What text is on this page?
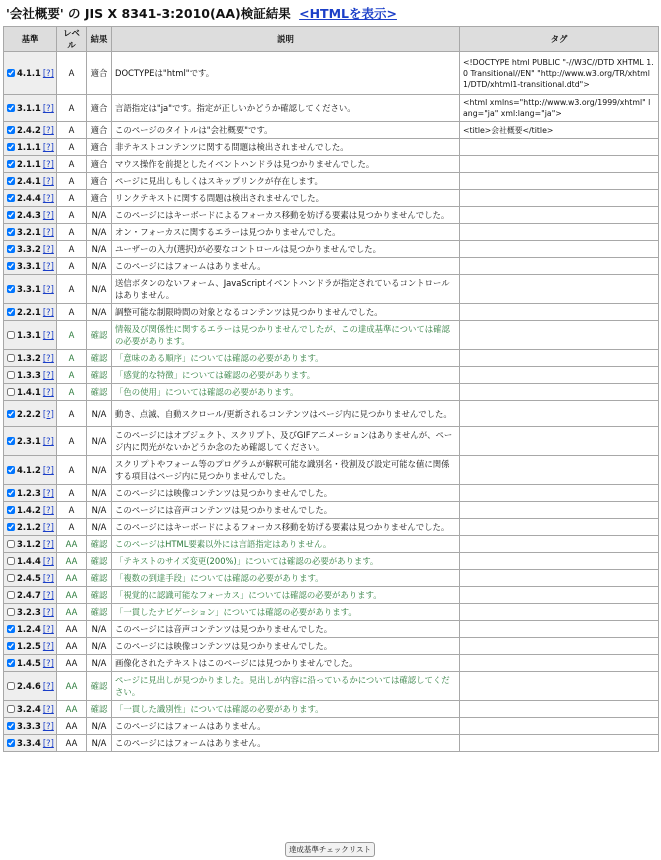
'会社概要' の JIS X 8341-3:2010(AA)検証結果 <HTMLを表示>
基準	レベル	結果	説明	タグ
4.1.1 [?]	A	適合	DOCTYPEは"html"です。	<!DOCTYPE html PUBLIC "-//W3C//DTD XHTML 1.0 Transitional//EN" "http://www.w3.org/TR/xhtml1/DTD/xhtml1-transitional.dtd">
3.1.1 [?]	A	適合	言語指定は"ja"です。指定が正しいかどうか確認してください。	<html xmlns="http://www.w3.org/1999/xhtml" lang="ja" xml:lang="ja">
2.4.2 [?]	A	適合	このページのタイトルは"会社概要"です。	<title>会社概要</title>
1.1.1 [?]	A	適合	非テキストコンテンツに関する問題は検出されませんでした。	
2.1.1 [?]	A	適合	マウス操作を前提としたイベントハンドラは見つかりませんでした。	
2.4.1 [?]	A	適合	ページに見出しもしくはスキップリンクが存在します。	
2.4.4 [?]	A	適合	リンクテキストに関する問題は検出されませんでした。	
2.4.3 [?]	A	N/A	このページにはキーボードによるフォーカス移動を妨げる要素は見つかりませんでした。	
3.2.1 [?]	A	N/A	オン・フォーカスに関するエラーは見つかりませんでした。	
3.3.2 [?]	A	N/A	ユーザーの入力(選択)が必要なコントロールは見つかりませんでした。	
3.3.1 [?]	A	N/A	このページにはフォームはありません。	
3.3.1 [?]	A	N/A	送信ボタンのないフォーム、JavaScriptイベントハンドラが指定されているコントロールはありません。	
2.2.1 [?]	A	N/A	調整可能な制限時間の対象となるコンテンツは見つかりませんでした。	
1.3.1 [?]	A	確認	情報及び関係性に関するエラーは見つかりませんでしたが、この達成基準については確認の必要があります。	
1.3.2 [?]	A	確認	「意味のある順序」については確認の必要があります。	
1.3.3 [?]	A	確認	「感覚的な特徴」については確認の必要があります。	
1.4.1 [?]	A	確認	「色の使用」については確認の必要があります。	
2.2.2 [?]	A	N/A	動き、点滅、自動スクロール/更新されるコンテンツはページ内に見つかりませんでした。	
2.3.1 [?]	A	N/A	このページにはオブジェクト、スクリプト、及びGIFアニメーションはありませんが、ページ内に閃光がないかどうか念のため確認してください。	
4.1.2 [?]	A	N/A	スクリプトやフォーム等のプログラムが解釈可能な識別名・役割及び設定可能な値に関係する項目はページ内に見つかりませんでした。	
1.2.3 [?]	A	N/A	このページには映像コンテンツは見つかりませんでした。	
1.4.2 [?]	A	N/A	このページには音声コンテンツは見つかりませんでした。	
2.1.2 [?]	A	N/A	このページにはキーボードによるフォーカス移動を妨げる要素は見つかりませんでした。	
3.1.2 [?]	AA	確認	このページはHTML要素以外には言語指定はありません。	
1.4.4 [?]	AA	確認	「テキストのサイズ変更(200%)」については確認の必要があります。	
2.4.5 [?]	AA	確認	「複数の到達手段」については確認の必要があります。	
2.4.7 [?]	AA	確認	「視覚的に認識可能なフォーカス」については確認の必要があります。	
3.2.3 [?]	AA	確認	「一貫したナビゲーション」については確認の必要があります。	
1.2.4 [?]	AA	N/A	このページには音声コンテンツは見つかりませんでした。	
1.2.5 [?]	AA	N/A	このページには映像コンテンツは見つかりませんでした。	
1.4.5 [?]	AA	N/A	画像化されたテキストはこのページには見つかりませんでした。	
2.4.6 [?]	AA	確認	ページに見出しが見つかりました。見出しが内容に沿っているかについては確認してください。	
3.2.4 [?]	AA	確認	「一貫した識別性」については確認の必要があります。	
3.3.3 [?]	AA	N/A	このページにはフォームはありません。	
3.3.4 [?]	AA	N/A	このページにはフォームはありません。	
達成基準チェックリスト
